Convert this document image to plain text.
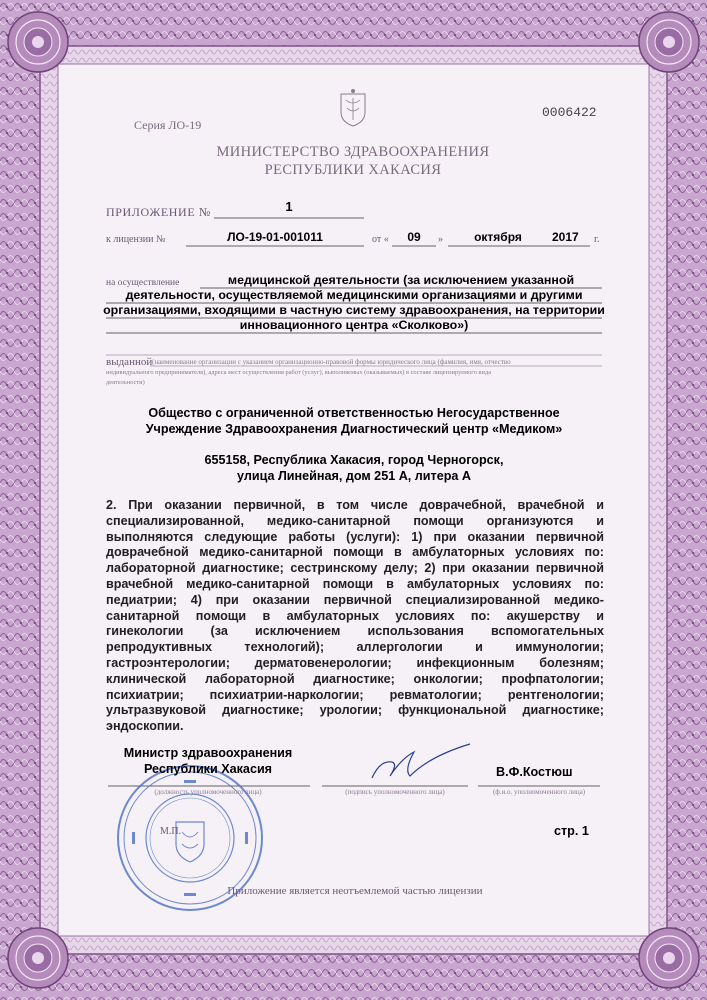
Серия ЛО-19
0006422
МИНИСТЕРСТВО ЗДРАВООХРАНЕНИЯ
РЕСПУБЛИКИ ХАКАСИЯ
ПРИЛОЖЕНИЕ №	1
к лицензии №	ЛО-19-01-001011	от «	09	»	октября	2017 г.
на осуществление	медицинской деятельности (за исключением указанной
деятельности, осуществляемой медицинскими организациями и другими
организациями, входящими в частную систему здравоохранения, на территории
инновационного центра «Сколково»)
выданной (наименование организации с указанием организационно-правовой формы юридического лица (фамилия, имя, отчество
индивидуального предпринимателя), адреса мест осуществления работ (услуг), выполняемых (оказываемых) в составе лицензируемого вида
деятельности)
Общество с ограниченной ответственностью Негосударственное
Учреждение Здравоохранения Диагностический центр «Медиком»
655158, Республика Хакасия, город Черногорск,
улица Линейная, дом 251 А, литера А
2. При оказании первичной, в том числе доврачебной, врачебной и
специализированной, медико-санитарной помощи организуются и
выполняются следующие работы (услуги): 1) при оказании первичной
доврачебной медико-санитарной помощи в амбулаторных условиях по:
лабораторной диагностике; сестринскому делу; 2) при оказании первичной
врачебной медико-санитарной помощи в амбулаторных условиях по:
педиатрии; 4) при оказании первичной специализированной медико-
санитарной помощи в амбулаторных условиях по: акушерству и
гинекологии (за исключением использования вспомогательных
репродуктивных технологий); аллергологии и иммунологии;
гастроэнтерологии; дерматовенерологии; инфекционным болезням;
клинической лабораторной диагностике; онкологии; профпатологии;
психиатрии; психиатрии-наркологии; ревматологии; рентгенологии;
ультразвуковой диагностике; урологии; функциональной диагностике;
эндоскопии.
Министр здравоохранения
Республики Хакасия	В.Ф.Костюш
(должность уполномоченного лица)	(подпись уполномоченного лица)	(ф.и.о. уполномоченного лица)
М.П.	стр. 1
Приложение является неотъемлемой частью лицензии
